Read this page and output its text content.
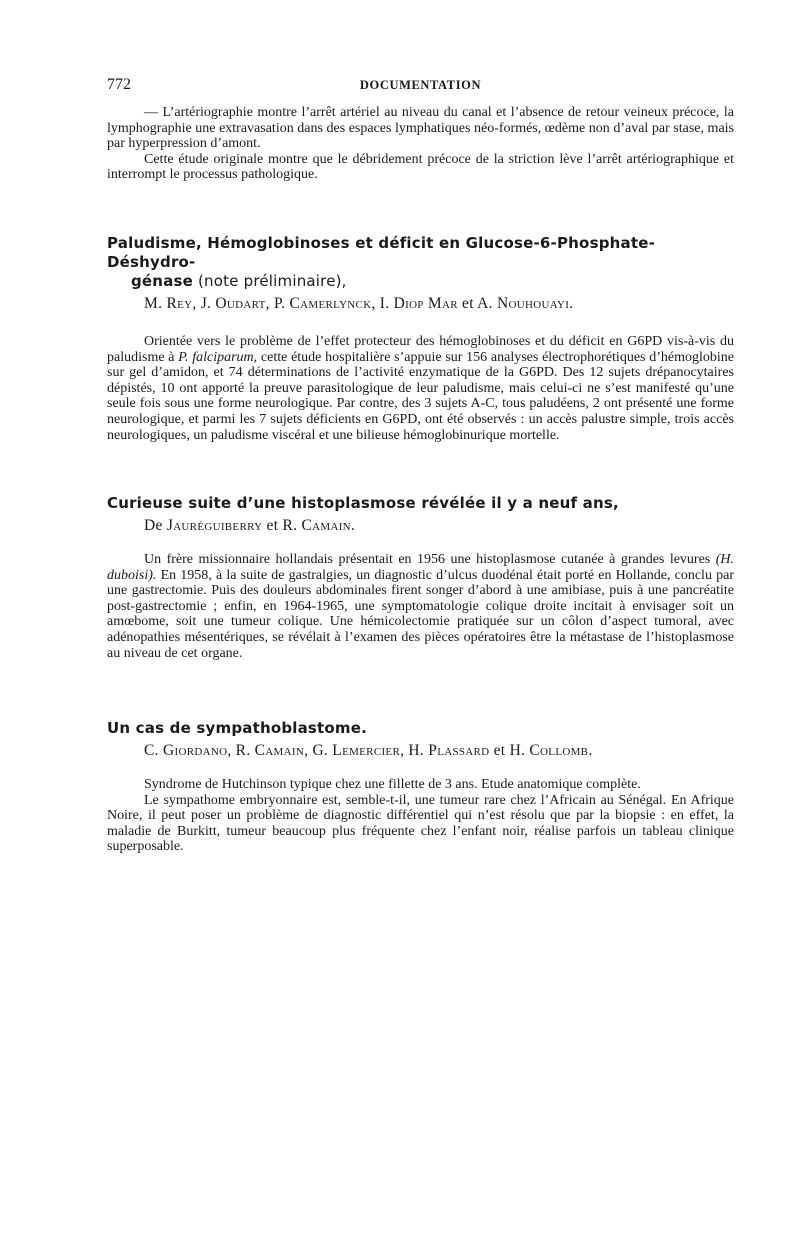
772	DOCUMENTATION

— L’artériographie montre l’arrêt artériel au niveau du canal et l’absence de retour veineux précoce, la lymphographie une extravasation dans des espaces lymphatiques néo-formés, œdème non d’aval par stase, mais par hyperpression d’amont.

Cette étude originale montre que le débridement précoce de la striction lève l’arrêt artériographique et interrompt le processus pathologique.

Paludisme, Hémoglobinoses et déficit en Glucose-6-Phosphate-Déshydro-
génase (note préliminaire),
M. Rey, J. Oudart, P. Camerlynck, I. Diop Mar et A. Nouhouayi.

Orientée vers le problème de l’effet protecteur des hémoglobinoses et du déficit en G6PD vis-à-vis du paludisme à P. falciparum, cette étude hospitalière s’appuie sur 156 analyses électrophorétiques d’hémoglobine sur gel d’amidon, et 74 déterminations de l’activité enzymatique de la G6PD. Des 12 sujets drépanocytaires dépistés, 10 ont apporté la preuve parasitologique de leur paludisme, mais celui-ci ne s’est manifesté qu’une seule fois sous une forme neurologique. Par contre, des 3 sujets A-C, tous paludéens, 2 ont présenté une forme neurologique, et parmi les 7 sujets déficients en G6PD, ont été observés : un accès palustre simple, trois accès neurologiques, un paludisme viscéral et une bilieuse hémoglobinurique mortelle.

Curieuse suite d’une histoplasmose révélée il y a neuf ans,
De Jauréguiberry et R. Camain.

Un frère missionnaire hollandais présentait en 1956 une histoplasmose cutanée à grandes levures (H. duboisi). En 1958, à la suite de gastralgies, un diagnostic d’ulcus duodénal était porté en Hollande, conclu par une gastrectomie. Puis des douleurs abdominales firent songer d’abord à une amibiase, puis à une pancréatite post-gastrectomie ; enfin, en 1964-1965, une symptomatologie colique droite incitait à envisager soit un amœbome, soit une tumeur colique. Une hémicolectomie pratiquée sur un côlon d’aspect tumoral, avec adénopathies mésentériques, se révélait à l’examen des pièces opératoires être la métastase de l’histoplasmose au niveau de cet organe.

Un cas de sympathoblastome.
C. Giordano, R. Camain, G. Lemercier, H. Plassard et H. Collomb.

Syndrome de Hutchinson typique chez une fillette de 3 ans. Etude anatomique complète.

Le sympathome embryonnaire est, semble-t-il, une tumeur rare chez l’Africain au Sénégal. En Afrique Noire, il peut poser un problème de diagnostic différentiel qui n’est résolu que par la biopsie : en effet, la maladie de Burkitt, tumeur beaucoup plus fréquente chez l’enfant noir, réalise parfois un tableau clinique superposable.
